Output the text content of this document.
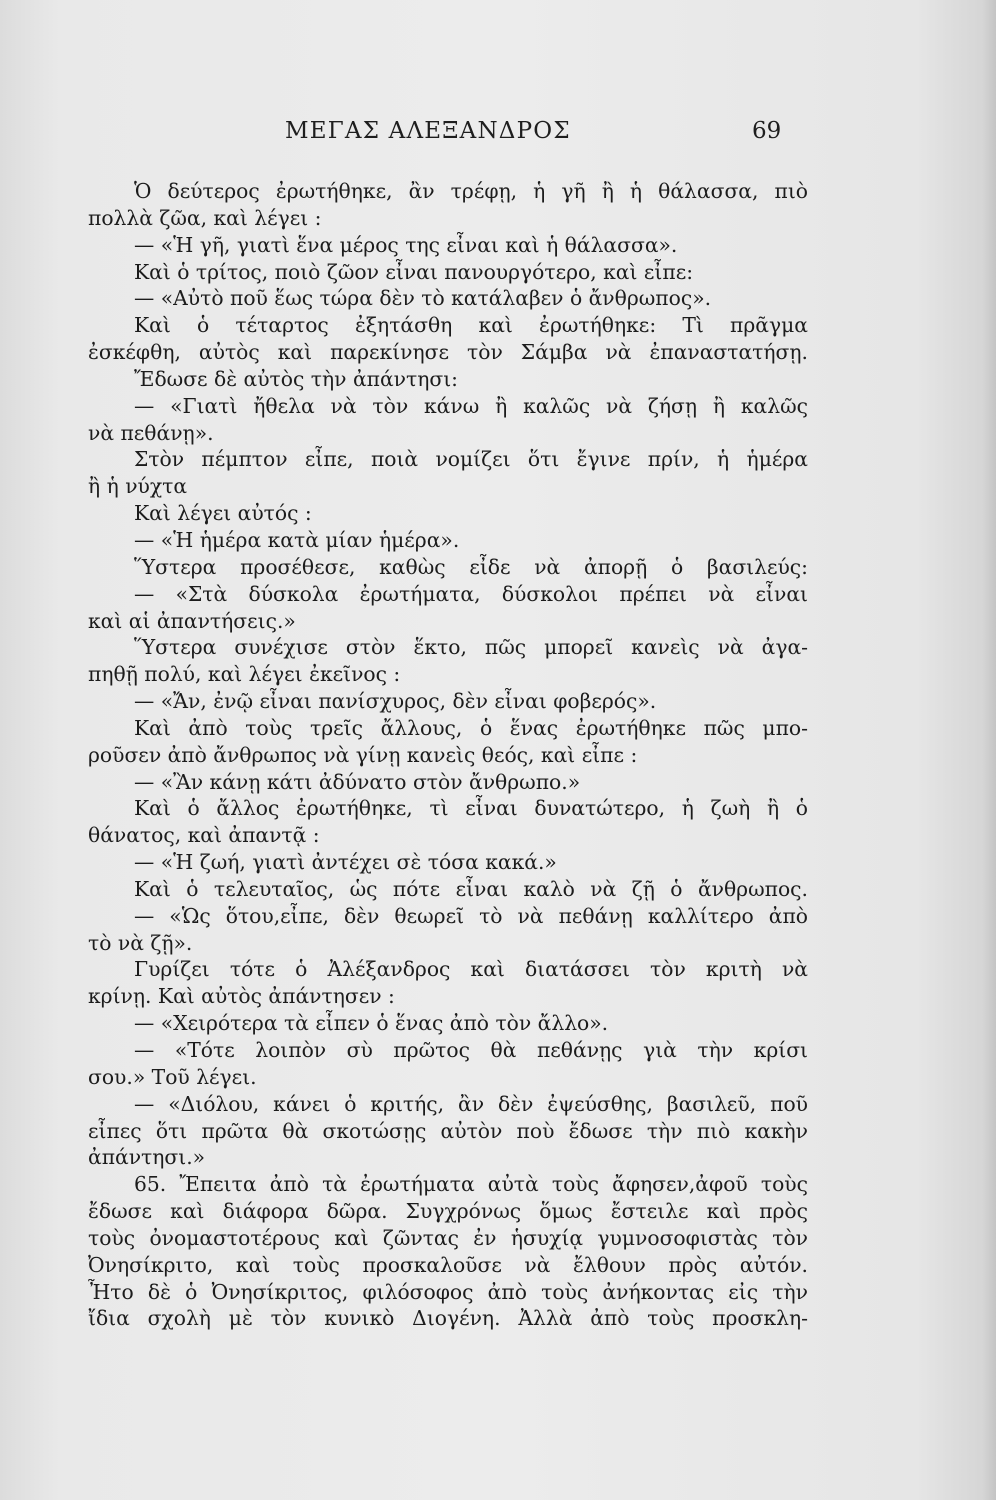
ΜΕΓΑΣ ΑΛΕΞΑΝΔΡΟΣ	69
Ὁ δεύτερος ἐρωτήθηκε, ἂν τρέφῃ, ἡ γῆ ἢ ἡ θάλασσα, πιὸ
πολλὰ ζῶα, καὶ λέγει :
— «Ἡ γῆ, γιατὶ ἕνα μέρος της εἶναι καὶ ἡ θάλασσα».
Καὶ ὁ τρίτος, ποιὸ ζῶον εἶναι πανουργότερο, καὶ εἶπε:
— «Αὐτὸ ποῦ ἕως τώρα δὲν τὸ κατάλαβεν ὁ ἄνθρωπος».
Καὶ ὁ τέταρτος ἐξητάσθη καὶ ἐρωτήθηκε: Τὶ πρᾶγμα
ἐσκέφθη, αὐτὸς καὶ παρεκίνησε τὸν Σάμβα νὰ ἐπαναστατήσῃ.
Ἔδωσε δὲ αὐτὸς τὴν ἀπάντησι:
— «Γιατὶ ἤθελα νὰ τὸν κάνω ἢ καλῶς νὰ ζήσῃ ἢ καλῶς
νὰ πεθάνῃ».
Στὸν πέμπτον εἶπε, ποιὰ νομίζει ὅτι ἔγινε πρίν, ἡ ἡμέρα
ἢ ἡ νύχτα
Καὶ λέγει αὐτός :
— «Ἡ ἡμέρα κατὰ μίαν ἡμέρα».
Ὕστερα προσέθεσε, καθὼς εἶδε νὰ ἀπορῇ ὁ βασιλεύς:
— «Στὰ δύσκολα ἐρωτήματα, δύσκολοι πρέπει νὰ εἶναι
καὶ αἱ ἀπαντήσεις.»
Ὕστερα συνέχισε στὸν ἕκτο, πῶς μπορεῖ κανεὶς νὰ ἀγα-
πηθῇ πολύ, καὶ λέγει ἐκεῖνος :
— «Ἄν, ἐνῷ εἶναι πανίσχυρος, δὲν εἶναι φοβερός».
Καὶ ἀπὸ τοὺς τρεῖς ἄλλους, ὁ ἕνας ἐρωτήθηκε πῶς μπο-
ροῦσεν ἀπὸ ἄνθρωπος νὰ γίνῃ κανεὶς θεός, καὶ εἶπε :
— «Ἂν κάνῃ κάτι ἀδύνατο στὸν ἄνθρωπο.»
Καὶ ὁ ἄλλος ἐρωτήθηκε, τὶ εἶναι δυνατώτερο, ἡ ζωὴ ἢ ὁ
θάνατος, καὶ ἀπαντᾷ :
— «Ἡ ζωή, γιατὶ ἀντέχει σὲ τόσα κακά.»
Καὶ ὁ τελευταῖος, ὡς πότε εἶναι καλὸ νὰ ζῇ ὁ ἄνθρωπος.
— «Ὡς ὅτου,εἶπε, δὲν θεωρεῖ τὸ νὰ πεθάνῃ καλλίτερο ἀπὸ
τὸ νὰ ζῇ».
Γυρίζει τότε ὁ Ἀλέξανδρος καὶ διατάσσει τὸν κριτὴ νὰ
κρίνῃ. Καὶ αὐτὸς ἀπάντησεν :
— «Χειρότερα τὰ εἶπεν ὁ ἕνας ἀπὸ τὸν ἄλλο».
— «Τότε λοιπὸν σὺ πρῶτος θὰ πεθάνῃς γιὰ τὴν κρίσι
σου.» Τοῦ λέγει.
— «Διόλου, κάνει ὁ κριτής, ἂν δὲν ἐψεύσθης, βασιλεῦ, ποῦ
εἶπες ὅτι πρῶτα θὰ σκοτώσῃς αὐτὸν ποὺ ἔδωσε τὴν πιὸ κακὴν
ἀπάντησι.»
65. Ἔπειτα ἀπὸ τὰ ἐρωτήματα αὐτὰ τοὺς ἄφησεν,ἀφοῦ τοὺς
ἔδωσε καὶ διάφορα δῶρα. Συγχρόνως ὅμως ἔστειλε καὶ πρὸς
τοὺς ὀνομαστοτέρους καὶ ζῶντας ἐν ἡσυχίᾳ γυμνοσοφιστὰς τὸν
Ὀνησίκριτο, καὶ τοὺς προσκαλοῦσε νὰ ἔλθουν πρὸς αὐτόν.
Ἦτο δὲ ὁ Ὀνησίκριτος, φιλόσοφος ἀπὸ τοὺς ἀνήκοντας εἰς τὴν
ἴδια σχολὴ μὲ τὸν κυνικὸ Διογένη. Ἀλλὰ ἀπὸ τοὺς προσκλη-
